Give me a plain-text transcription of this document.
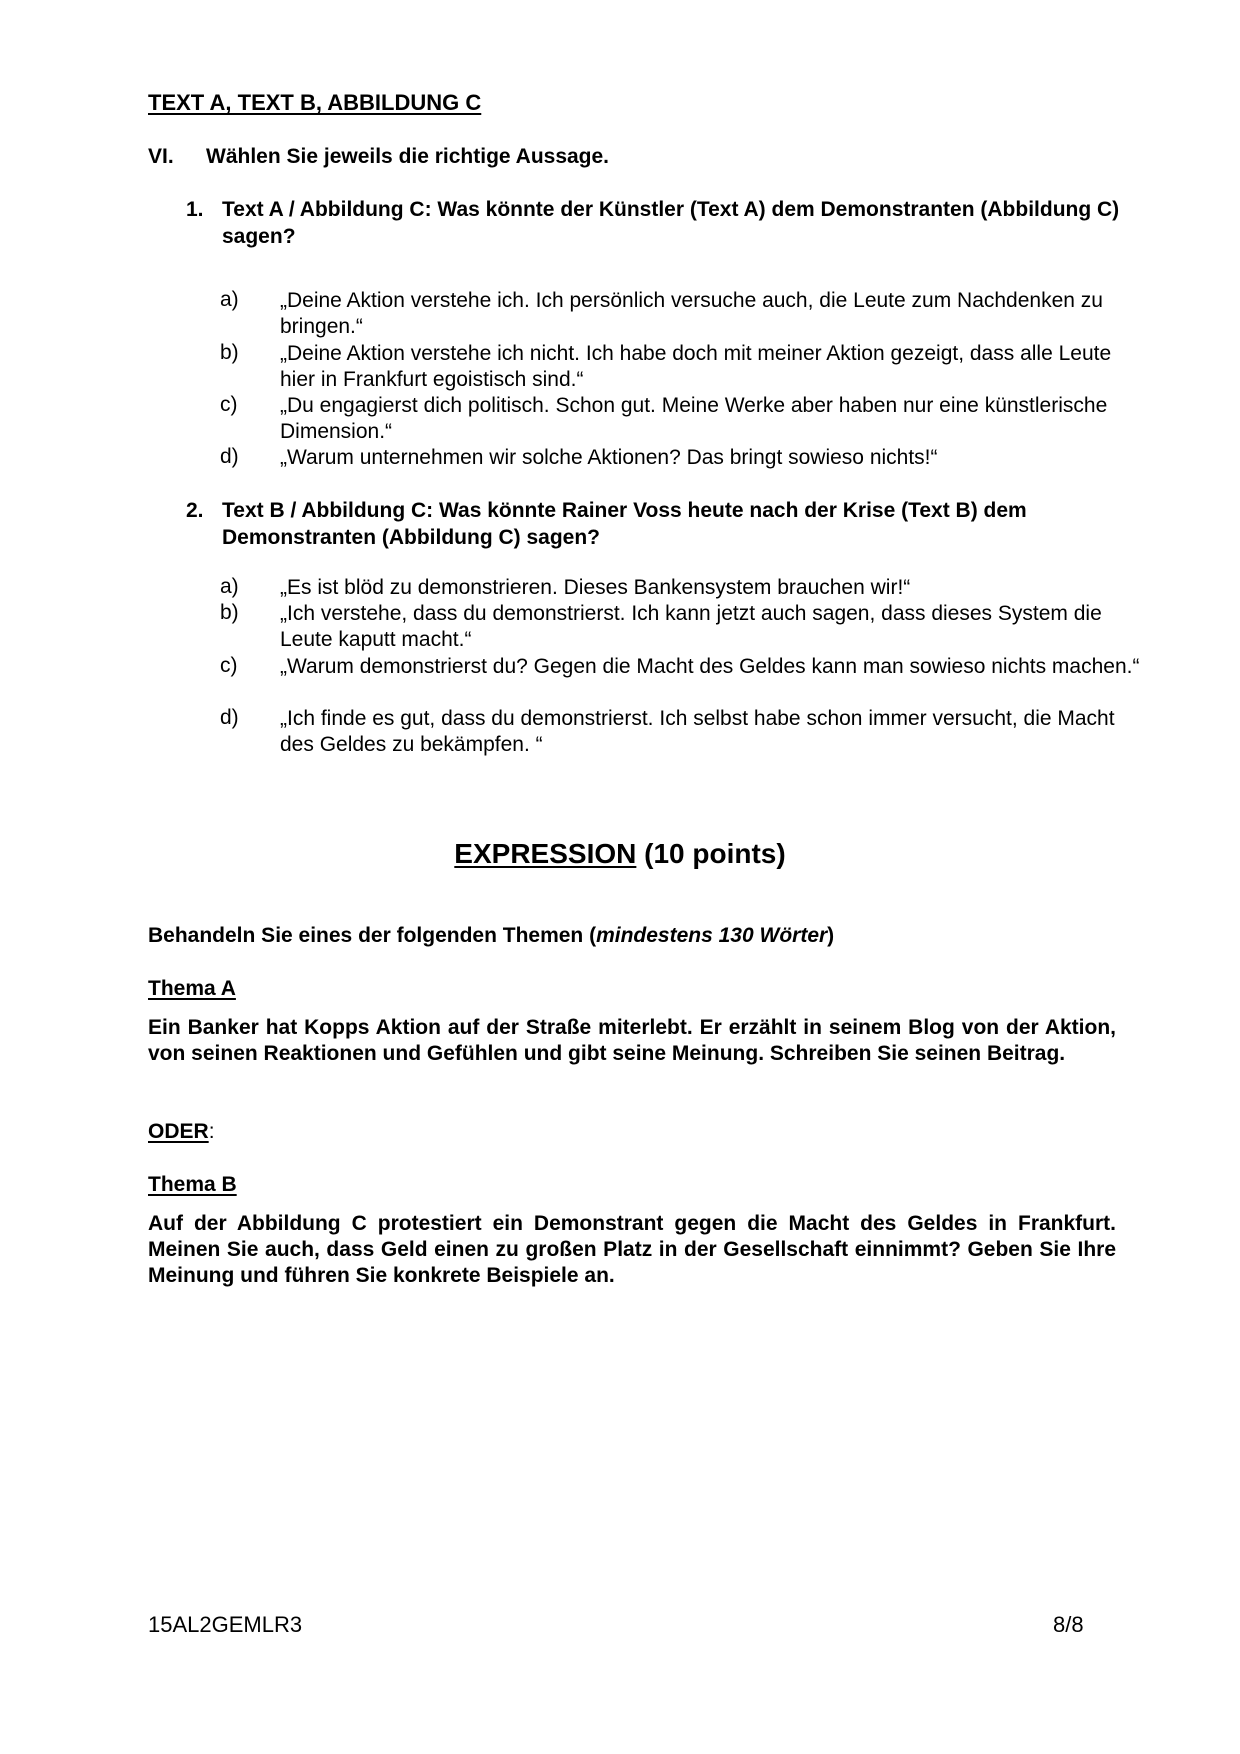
TEXT A, TEXT B, ABBILDUNG C
VI. Wählen Sie jeweils die richtige Aussage.
1. Text A / Abbildung C: Was könnte der Künstler (Text A) dem Demonstranten (Abbildung C) sagen?
a) „Deine Aktion verstehe ich. Ich persönlich versuche auch, die Leute zum Nachdenken zu bringen.“
b) „Deine Aktion verstehe ich nicht. Ich habe doch mit meiner Aktion gezeigt, dass alle Leute hier in Frankfurt egoistisch sind.“
c) „Du engagierst dich politisch. Schon gut. Meine Werke aber haben nur eine künstlerische Dimension.“
d) „Warum unternehmen wir solche Aktionen? Das bringt sowieso nichts!“
2. Text B / Abbildung C: Was könnte Rainer Voss heute nach der Krise (Text B) dem Demonstranten (Abbildung C) sagen?
a) „Es ist blöd zu demonstrieren. Dieses Bankensystem brauchen wir!“
b) „Ich verstehe, dass du demonstrierst. Ich kann jetzt auch sagen, dass dieses System die Leute kaputt macht.“
c) „Warum demonstrierst du? Gegen die Macht des Geldes kann man sowieso nichts machen.“
d) „Ich finde es gut, dass du demonstrierst. Ich selbst habe schon immer versucht, die Macht des Geldes zu bekämpfen. “
EXPRESSION (10 points)
Behandeln Sie eines der folgenden Themen (mindestens 130 Wörter)
Thema A
Ein Banker hat Kopps Aktion auf der Straße miterlebt. Er erzählt in seinem Blog von der Aktion, von seinen Reaktionen und Gefühlen und gibt seine Meinung. Schreiben Sie seinen Beitrag.
ODER:
Thema B
Auf der Abbildung C protestiert ein Demonstrant gegen die Macht des Geldes in Frankfurt. Meinen Sie auch, dass Geld einen zu großen Platz in der Gesellschaft einnimmt? Geben Sie Ihre Meinung und führen Sie konkrete Beispiele an.
15AL2GEMLR3	8/8
